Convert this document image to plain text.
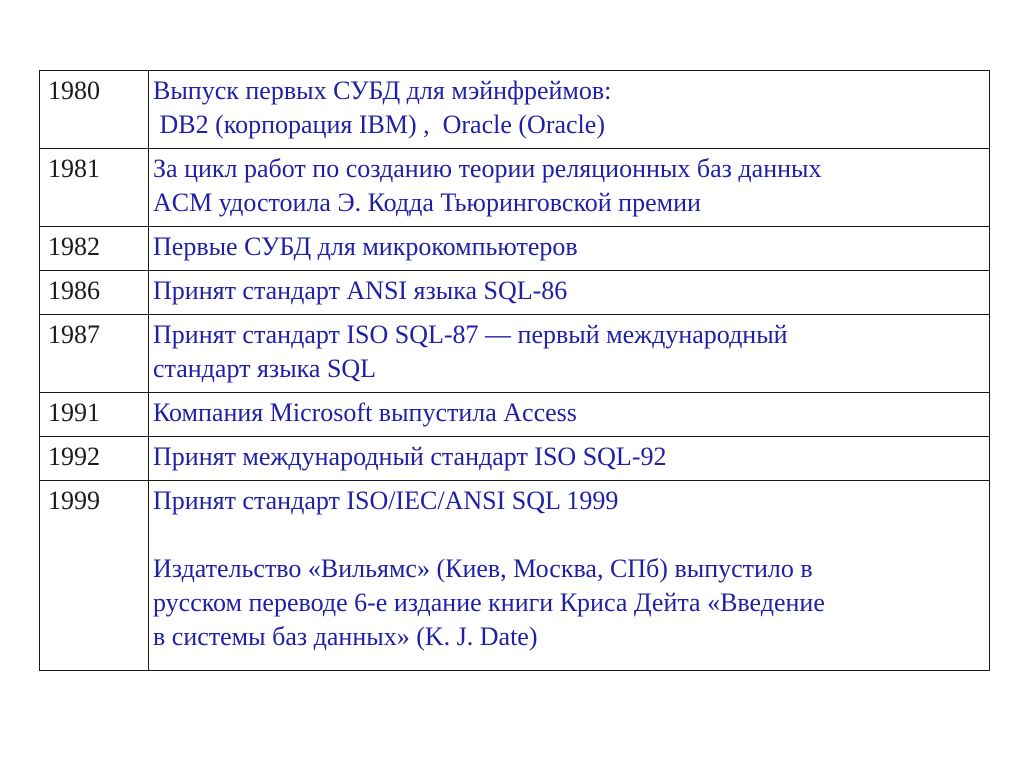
1980	Выпуск первых СУБД для мэйнфреймов:
DB2 (корпорация IBM) ,  Oracle (Oracle)

1981	За цикл работ по созданию теории реляционных баз данных
ACM удостоила Э. Кодда Тьюринговской премии

1982	Первые СУБД для микрокомпьютеров

1986	Принят стандарт ANSI языка SQL-86

1987	Принят стандарт ISO SQL-87 — первый международный
стандарт языка SQL

1991	Компания Microsoft выпустила Access

1992	Принят международный стандарт ISO SQL-92

1999	Принят стандарт ISO/IEC/ANSI SQL 1999
Издательство «Вильямс» (Киев, Москва, СПб) выпустило в
русском переводе 6-е издание книги Криса Дейта «Введение
в системы баз данных» (K. J. Date)
